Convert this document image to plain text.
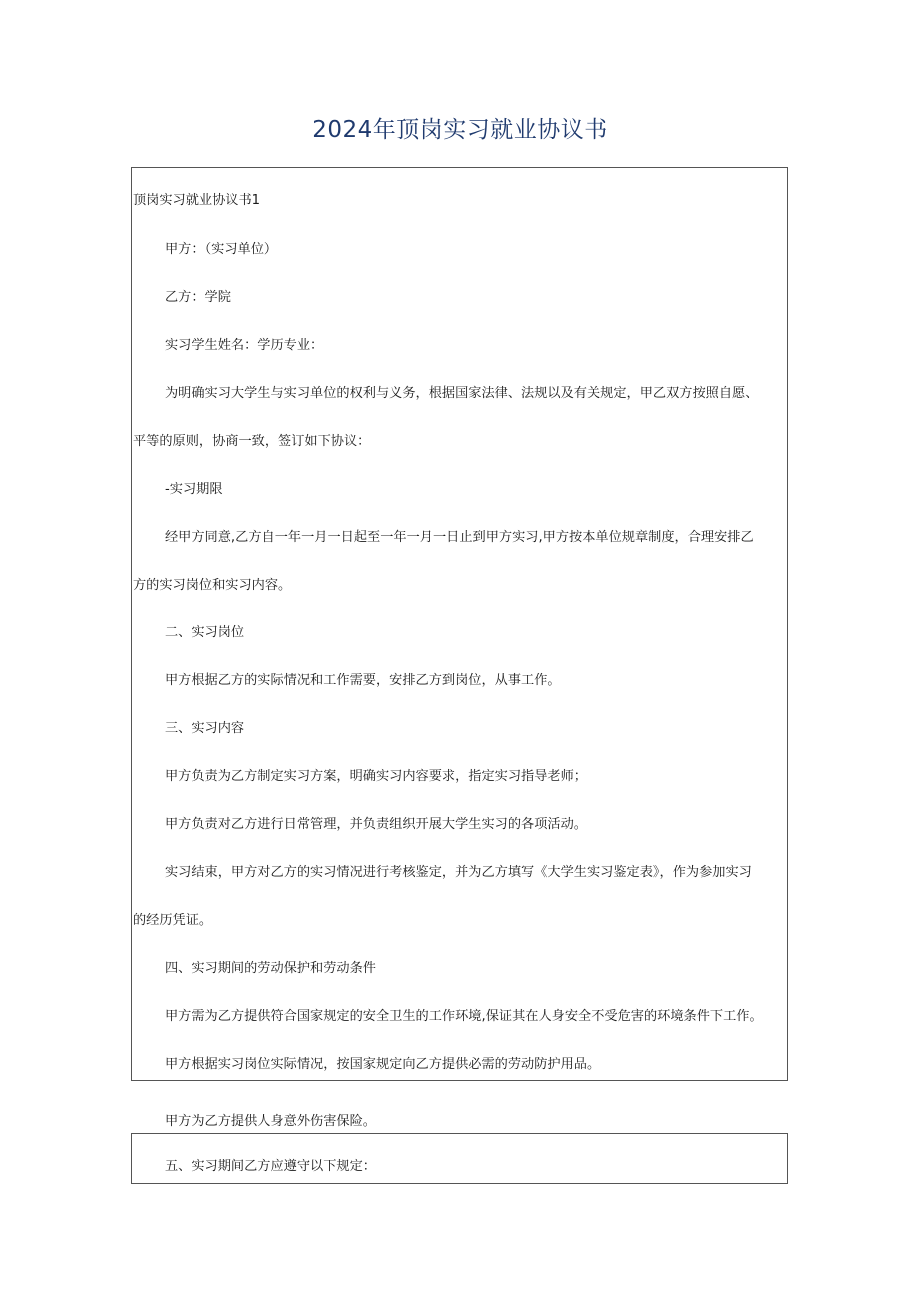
2024年顶岗实习就业协议书

顶岗实习就业协议书1

甲方：（实习单位）

乙方：学院

实习学生姓名：学历专业：

为明确实习大学生与实习单位的权利与义务，根据国家法律、法规以及有关规定，甲乙双方按照自愿、

平等的原则，协商一致，签订如下协议：

-实习期限

经甲方同意,乙方自一年一月一日起至一年一月一日止到甲方实习,甲方按本单位规章制度，合理安排乙

方的实习岗位和实习内容。

二、实习岗位

甲方根据乙方的实际情况和工作需要，安排乙方到岗位，从事工作。

三、实习内容

甲方负责为乙方制定实习方案，明确实习内容要求，指定实习指导老师；

甲方负责对乙方进行日常管理，并负责组织开展大学生实习的各项活动。

实习结束，甲方对乙方的实习情况进行考核鉴定，并为乙方填写《大学生实习鉴定表》，作为参加实习

的经历凭证。

四、实习期间的劳动保护和劳动条件

甲方需为乙方提供符合国家规定的安全卫生的工作环境,保证其在人身安全不受危害的环境条件下工作。

甲方根据实习岗位实际情况，按国家规定向乙方提供必需的劳动防护用品。

甲方为乙方提供人身意外伤害保险。

五、实习期间乙方应遵守以下规定：
